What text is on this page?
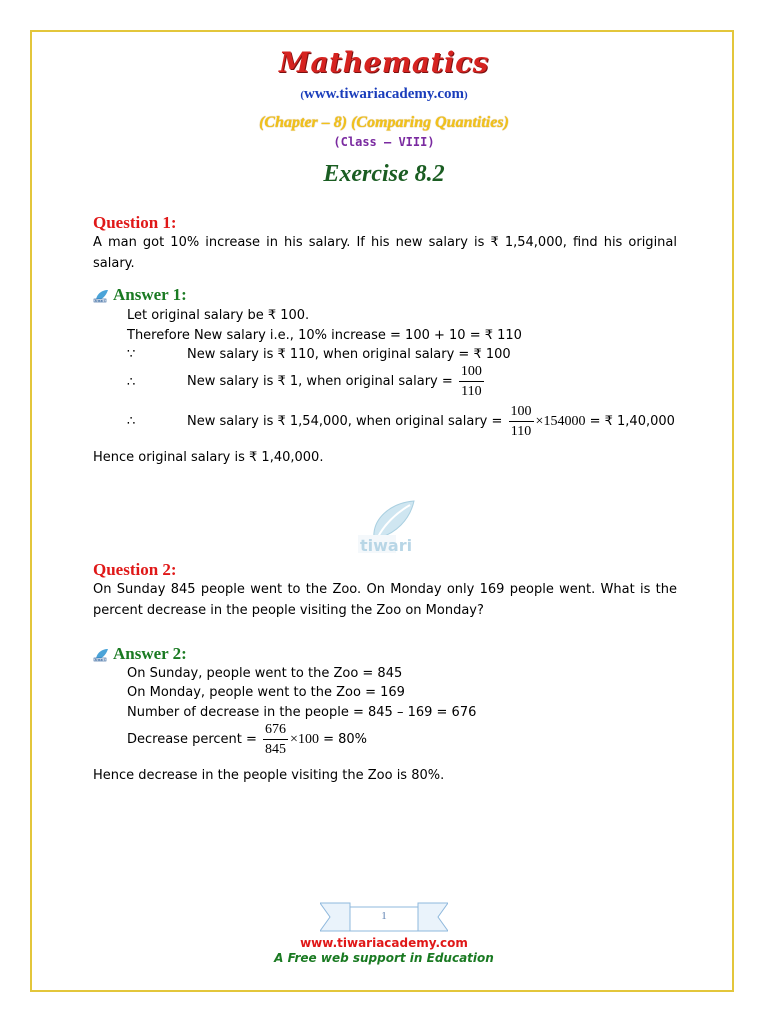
Mathematics
(www.tiwariacademy.com)
(Chapter – 8) (Comparing Quantities)
(Class – VIII)
Exercise 8.2
Question 1:
A man got 10% increase in his salary. If his new salary is ₹ 1,54,000, find his original salary.
tiwari Answer 1:
Let original salary be ₹ 100.
Therefore New salary i.e., 10% increase = 100 + 10 = ₹ 110
∵	New salary is ₹ 110, when original salary = ₹ 100
∴	New salary is ₹ 1, when original salary = $\frac{100}{110}$
∴	New salary is ₹ 1,54,000, when original salary = $\frac{100}{110} \times 154000$ = ₹ 1,40,000
Hence original salary is ₹ 1,40,000.
tiwari
Question 2:
On Sunday 845 people went to the Zoo. On Monday only 169 people went. What is the percent decrease in the people visiting the Zoo on Monday?
tiwari Answer 2:
On Sunday, people went to the Zoo = 845
On Monday, people went to the Zoo = 169
Number of decrease in the people = 845 – 169 = 676
Decrease percent = $\frac{676}{845} \times 100 = 80\%$
Hence decrease in the people visiting the Zoo is 80%.
1
www.tiwariacademy.com
A Free web support in Education
